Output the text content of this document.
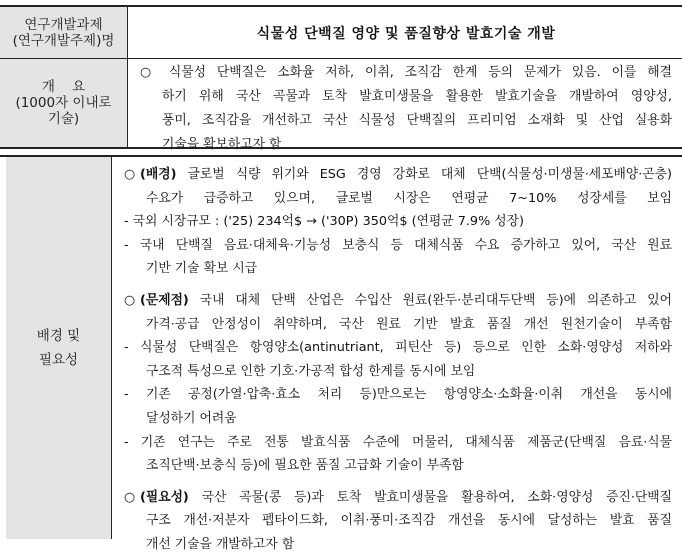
연구개발과제
(연구개발주제)명	식물성 단백질 영양 및 품질향상 발효기술 개발
개    요
(1000자 이내로
기술)
○ 식물성 단백질은 소화율 저하, 이취, 조직감 한계 등의 문제가 있음. 이를 해결
하기 위해 국산 곡물과 토착 발효미생물을 활용한 발효기술을 개발하여 영양성,
풍미, 조직감을 개선하고 국산 식물성 단백질의 프리미엄 소재화 및 산업 실용화
기술을 확보하고자 함
배경 및
필요성
○ (배경) 글로벌 식량 위기와 ESG 경영 강화로 대체 단백(식물성·미생물·세포배양·곤충)
수요가 급증하고 있으며, 글로벌 시장은 연평균 7~10% 성장세를 보임
- 국외 시장규모 : ('25) 234억$ → ('30P) 350억$ (연평균 7.9% 성장)
- 국내 단백질 음료·대체육·기능성 보충식 등 대체식품 수요 증가하고 있어, 국산 원료
기반 기술 확보 시급
○ (문제점) 국내 대체 단백 산업은 수입산 원료(완두·분리대두단백 등)에 의존하고 있어
가격·공급 안정성이 취약하며, 국산 원료 기반 발효 품질 개선 원천기술이 부족함
- 식물성 단백질은 항영양소(antinutriant, 피틴산 등) 등으로 인한 소화·영양성 저하와
구조적 특성으로 인한 기호·가공적 합성 한계를 동시에 보임
- 기존 공정(가열·압축·효소 처리 등)만으로는 항영양소·소화율·이취 개선을 동시에
달성하기 어려움
- 기존 연구는 주로 전통 발효식품 수준에 머물러, 대체식품 제품군(단백질 음료·식물
조직단백·보충식 등)에 필요한 품질 고급화 기술이 부족함
○ (필요성) 국산 곡물(콩 등)과 토착 발효미생물을 활용하여, 소화·영양성 증진·단백질
구조 개선·저분자 펩타이드화, 이취·풍미·조직감 개선을 동시에 달성하는 발효 품질
개선 기술을 개발하고자 함
